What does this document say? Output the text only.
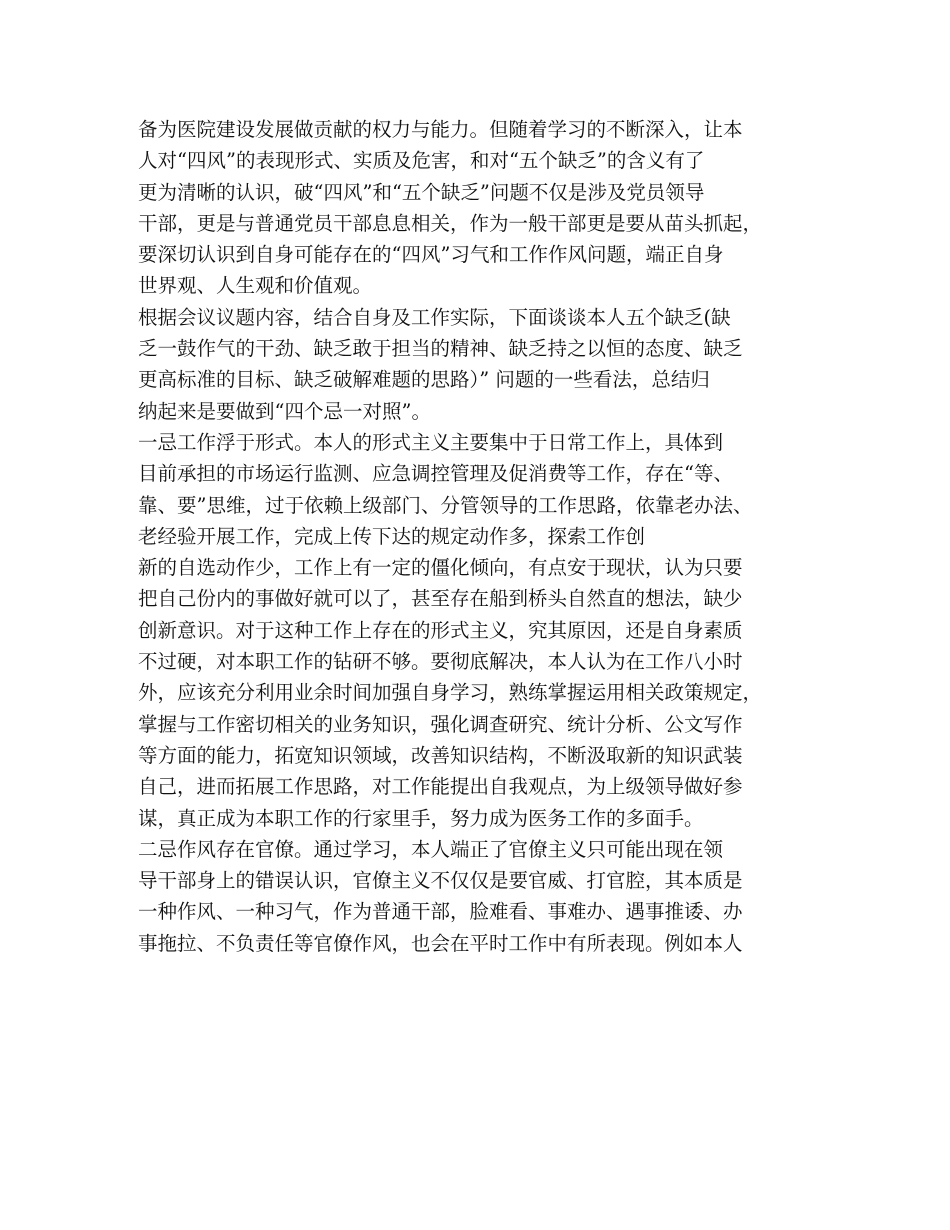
备为医院建设发展做贡献的权力与能力。但随着学习的不断深入，让本
人对“四风”的表现形式、实质及危害，和对“五个缺乏”的含义有了
更为清晰的认识，破“四风”和“五个缺乏”问题不仅是涉及党员领导
干部，更是与普通党员干部息息相关，作为一般干部更是要从苗头抓起，
要深切认识到自身可能存在的“四风”习气和工作作风问题，端正自身
世界观、人生观和价值观。
根据会议议题内容，结合自身及工作实际，下面谈谈本人五个缺乏(缺
乏一鼓作气的干劲、缺乏敢于担当的精神、缺乏持之以恒的态度、缺乏
更高标准的目标、缺乏破解难题的思路）” 问题的一些看法，总结归
纳起来是要做到“四个忌一对照”。
一忌工作浮于形式。本人的形式主义主要集中于日常工作上，具体到
目前承担的市场运行监测、应急调控管理及促消费等工作，存在“等、
靠、要”思维，过于依赖上级部门、分管领导的工作思路，依靠老办法、
老经验开展工作，完成上传下达的规定动作多，探索工作创
新的自选动作少，工作上有一定的僵化倾向，有点安于现状，认为只要
把自己份内的事做好就可以了，甚至存在船到桥头自然直的想法，缺少
创新意识。对于这种工作上存在的形式主义，究其原因，还是自身素质
不过硬，对本职工作的钻研不够。要彻底解决，本人认为在工作八小时
外，应该充分利用业余时间加强自身学习，熟练掌握运用相关政策规定，
掌握与工作密切相关的业务知识，强化调查研究、统计分析、公文写作
等方面的能力，拓宽知识领域，改善知识结构，不断汲取新的知识武装
自己，进而拓展工作思路，对工作能提出自我观点，为上级领导做好参
谋，真正成为本职工作的行家里手，努力成为医务工作的多面手。
二忌作风存在官僚。通过学习，本人端正了官僚主义只可能出现在领
导干部身上的错误认识，官僚主义不仅仅是要官威、打官腔，其本质是
一种作风、一种习气，作为普通干部，脸难看、事难办、遇事推诿、办
事拖拉、不负责任等官僚作风，也会在平时工作中有所表现。例如本人
